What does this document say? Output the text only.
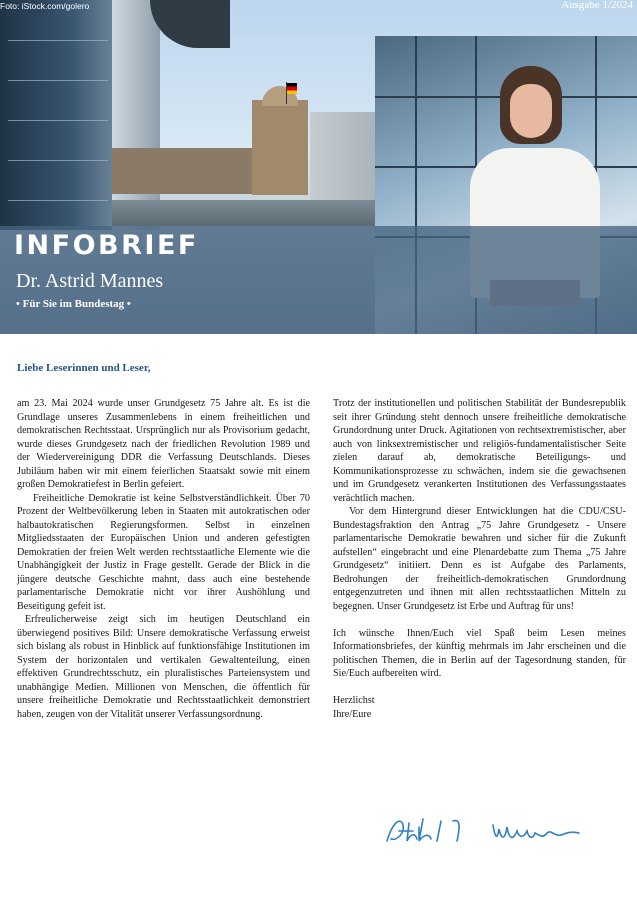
Foto: iStock.com/golero	Ausgabe 1/2024
INFOBRIEF
Dr. Astrid Mannes
• Für Sie im Bundestag •
Liebe Leserinnen und Leser,

am 23. Mai 2024 wurde unser Grundgesetz 75 Jahre alt. Es ist die Grundlage unseres Zusammenlebens in einem freiheitlichen und demokratischen Rechtsstaat. Ursprünglich nur als Provisorium gedacht, wurde dieses Grundgesetz nach der friedlichen Revolution 1989 und der Wiedervereinigung DDR die Verfassung Deutschlands. Dieses Jubiläum haben wir mit einem feierlichen Staatsakt sowie mit einem großen Demokratiefest in Berlin gefeiert.

Freiheitliche Demokratie ist keine Selbstverständlichkeit. Über 70 Prozent der Weltbevölkerung leben in Staaten mit autokratischen oder halbautokratischen Regierungsformen. Selbst in einzelnen Mitgliedsstaaten der Europäischen Union und anderen gefestigten Demokratien der freien Welt werden rechtsstaatliche Elemente wie die Unabhängigkeit der Justiz in Frage gestellt. Gerade der Blick in die jüngere deutsche Geschichte mahnt, dass auch eine bestehende parlamentarische Demokratie nicht vor ihrer Aushöhlung und Beseitigung gefeit ist.

Erfreulicherweise zeigt sich im heutigen Deutschland ein überwiegend positives Bild: Unsere demokratische Verfassung erweist sich bislang als robust in Hinblick auf funktionsfähige Institutionen im System der horizontalen und vertikalen Gewaltenteilung, einen effektiven Grundrechtsschutz, ein pluralistisches Parteiensystem und unabhängige Medien. Millionen von Menschen, die öffentlich für unsere freiheitliche Demokratie und Rechtsstaatlichkeit demonstriert haben, zeugen von der Vitalität unserer Verfassungsordnung.

Trotz der institutionellen und politischen Stabilität der Bundesrepublik seit ihrer Gründung steht dennoch unsere freiheitliche demokratische Grundordnung unter Druck. Agitationen von rechtsextremistischer, aber auch von linksextremistischer und religiös-fundamentalistischer Seite zielen darauf ab, demokratische Beteiligungs- und Kommunikationsprozesse zu schwächen, indem sie die gewachsenen und im Grundgesetz verankerten Institutionen des Verfassungsstaates verächtlich machen.

Vor dem Hintergrund dieser Entwicklungen hat die CDU/CSU-Bundestagsfraktion den Antrag „75 Jahre Grundgesetz - Unsere parlamentarische Demokratie bewahren und sicher für die Zukunft aufstellen“ eingebracht und eine Plenardebatte zum Thema „75 Jahre Grundgesetz“ initiiert. Denn es ist Aufgabe des Parlaments, Bedrohungen der freiheitlich-demokratischen Grundordnung entgegenzutreten und ihnen mit allen rechtsstaatlichen Mitteln zu begegnen. Unser Grundgesetz ist Erbe und Auftrag für uns!

Ich wünsche Ihnen/Euch viel Spaß beim Lesen meines Informationsbriefes, der künftig mehrmals im Jahr erscheinen und die politischen Themen, die in Berlin auf der Tagesordnung standen, für Sie/Euch aufbereiten wird.

Herzlichst

Ihre/Eure
